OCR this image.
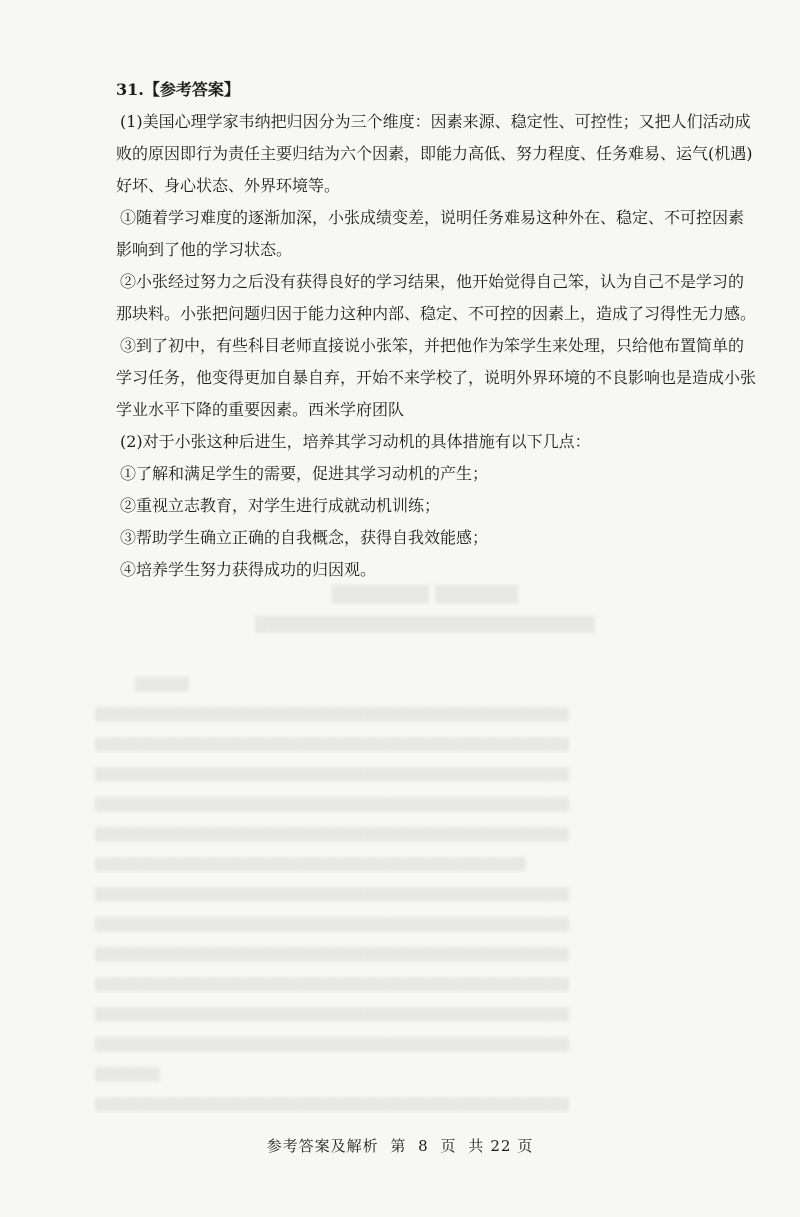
31.【参考答案】

(1)美国心理学家韦纳把归因分为三个维度：因素来源、稳定性、可控性；又把人们活动成败的原因即行为责任主要归结为六个因素，即能力高低、努力程度、任务难易、运气(机遇)好坏、身心状态、外界环境等。

①随着学习难度的逐渐加深，小张成绩变差，说明任务难易这种外在、稳定、不可控因素影响到了他的学习状态。

②小张经过努力之后没有获得良好的学习结果，他开始觉得自己笨，认为自己不是学习的那块料。小张把问题归因于能力这种内部、稳定、不可控的因素上，造成了习得性无力感。

③到了初中，有些科目老师直接说小张笨，并把他作为笨学生来处理，只给他布置简单的学习任务，他变得更加自暴自弃，开始不来学校了，说明外界环境的不良影响也是造成小张学业水平下降的重要因素。西米学府团队

(2)对于小张这种后进生，培养其学习动机的具体措施有以下几点：

①了解和满足学生的需要，促进其学习动机的产生；

②重视立志教育，对学生进行成就动机训练；

③帮助学生确立正确的自我概念，获得自我效能感；

④培养学生努力获得成功的归因观。

▇▇▇▇▇▇▇ ▇▇▇▇▇▇

▇▇▇▇▇▇▇▇▇▇▇▇▇▇▇▇▇▇▇▇▇▇▇▇▇▇

▇▇▇▇▇

▇▇▇▇▇▇▇▇▇▇▇▇▇▇▇▇▇▇▇▇▇▇▇▇▇▇▇▇▇▇▇▇▇▇▇▇▇▇▇▇▇▇▇▇

▇▇▇▇▇▇▇▇▇▇▇▇▇▇▇▇▇▇▇▇▇▇▇▇▇▇▇▇▇▇▇▇▇▇▇▇▇▇▇▇▇▇▇▇

▇▇▇▇▇▇▇▇▇▇▇▇▇▇▇▇▇▇▇▇▇▇▇▇▇▇▇▇▇▇▇▇▇▇▇▇▇▇▇▇▇▇▇▇

▇▇▇▇▇▇▇▇▇▇▇▇▇▇▇▇▇▇▇▇▇▇▇▇▇▇▇▇▇▇▇▇▇▇▇▇▇▇▇▇▇▇▇▇

▇▇▇▇▇▇▇▇▇▇▇▇▇▇▇▇▇▇▇▇▇▇▇▇▇▇▇▇▇▇▇▇▇▇▇▇▇▇▇▇▇▇▇▇

▇▇▇▇▇▇▇▇▇▇▇▇▇▇▇▇▇▇▇▇▇▇▇▇▇▇▇▇▇▇▇▇▇▇▇▇▇▇▇▇

▇▇▇▇▇▇▇▇▇▇▇▇▇▇▇▇▇▇▇▇▇▇▇▇▇▇▇▇▇▇▇▇▇▇▇▇▇▇▇▇▇▇▇▇

▇▇▇▇▇▇▇▇▇▇▇▇▇▇▇▇▇▇▇▇▇▇▇▇▇▇▇▇▇▇▇▇▇▇▇▇▇▇▇▇▇▇▇▇

▇▇▇▇▇▇▇▇▇▇▇▇▇▇▇▇▇▇▇▇▇▇▇▇▇▇▇▇▇▇▇▇▇▇▇▇▇▇▇▇▇▇▇▇

▇▇▇▇▇▇▇▇▇▇▇▇▇▇▇▇▇▇▇▇▇▇▇▇▇▇▇▇▇▇▇▇▇▇▇▇▇▇▇▇▇▇▇▇

▇▇▇▇▇▇▇▇▇▇▇▇▇▇▇▇▇▇▇▇▇▇▇▇▇▇▇▇▇▇▇▇▇▇▇▇▇▇▇▇▇▇▇▇

▇▇▇▇▇▇▇▇▇▇▇▇▇▇▇▇▇▇▇▇▇▇▇▇▇▇▇▇▇▇▇▇▇▇▇▇▇▇▇▇▇▇▇▇

▇▇▇▇▇▇

▇▇▇▇▇▇▇▇▇▇▇▇▇▇▇▇▇▇▇▇▇▇▇▇▇▇▇▇▇▇▇▇▇▇▇▇▇▇▇▇▇▇▇▇

参考答案及解析 第 8 页 共 22 页
